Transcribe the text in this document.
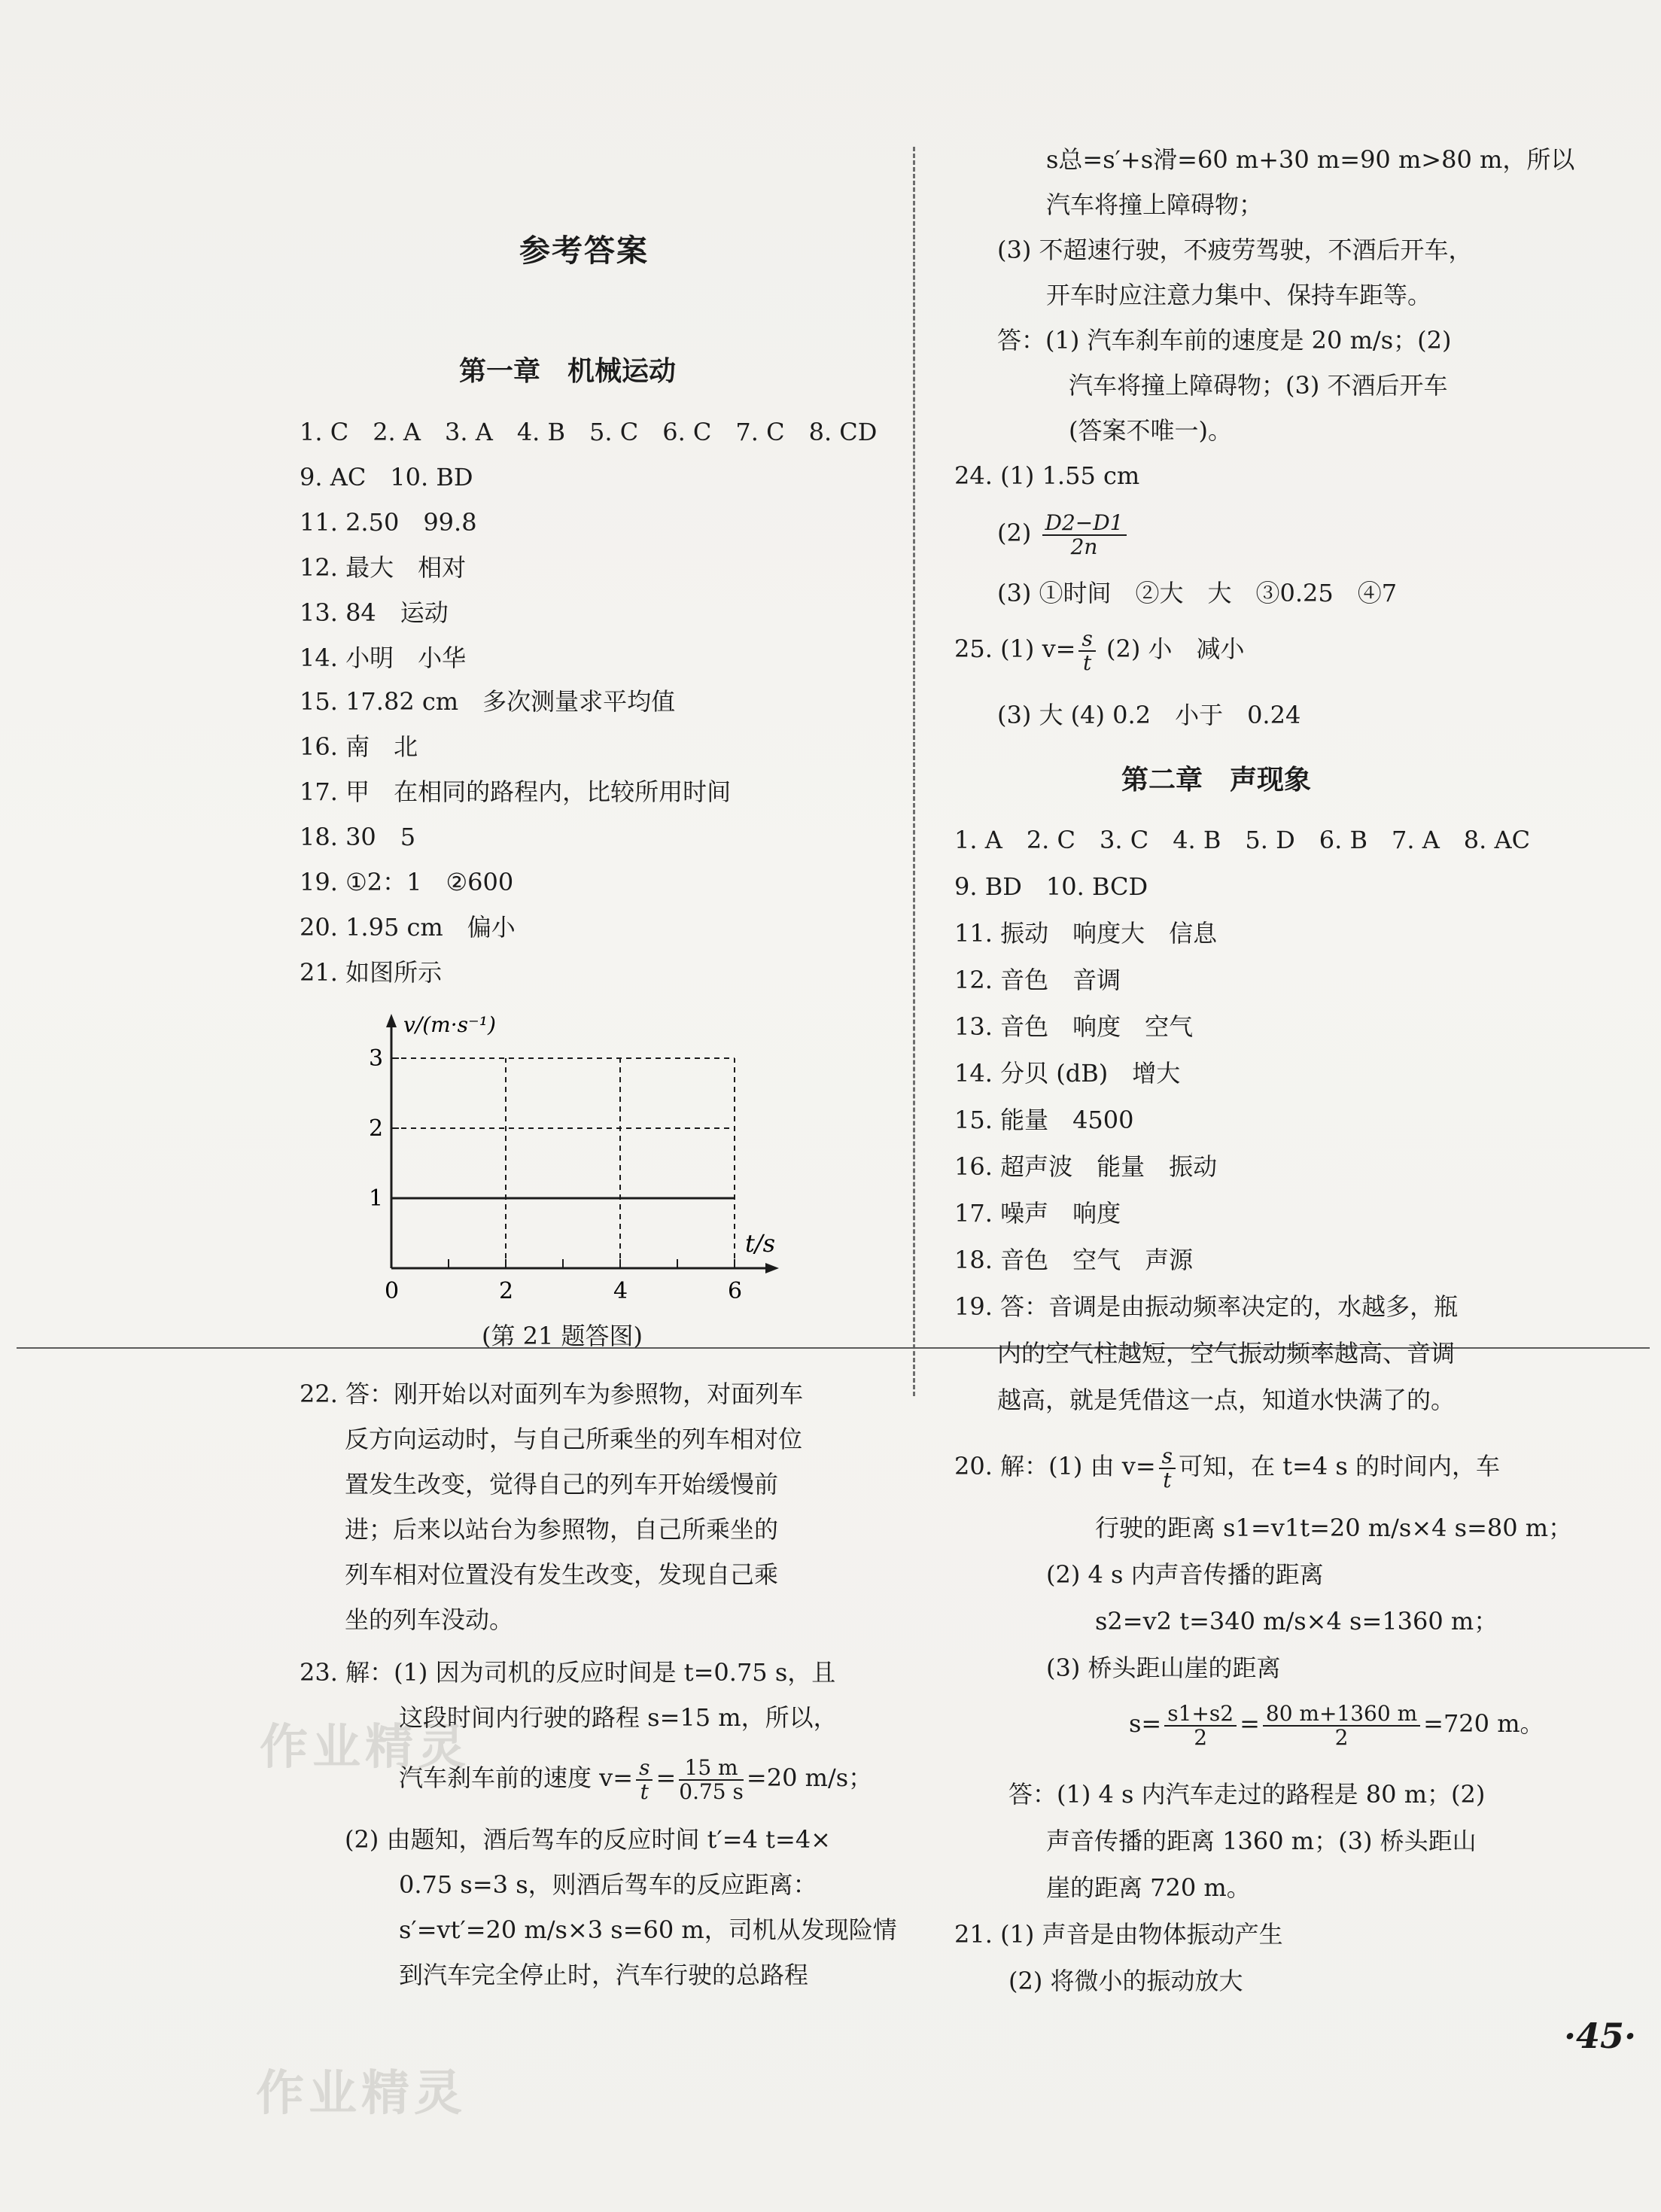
作业精灵
作业精灵
参考答案
第一章　机械运动
1. C　2. A　3. A　4. B　5. C　6. C　7. C　8. CD
9. AC　10. BD
11. 2.50　99.8
12. 最大　相对
13. 84　运动
14. 小明　小华
15. 17.82 cm　多次测量求平均值
16. 南　北
17. 甲　在相同的路程内，比较所用时间
18. 30　5
19. ①2：1　②600
20. 1.95 cm　偏小
21. 如图所示
v/(m·s⁻¹)
t/s
0	2	4	6
1
2
3
(第 21 题答图)
22. 答：刚开始以对面列车为参照物，对面列车
反方向运动时，与自己所乘坐的列车相对位
置发生改变，觉得自己的列车开始缓慢前
进；后来以站台为参照物，自己所乘坐的
列车相对位置没有发生改变，发现自己乘
坐的列车没动。
23. 解：(1) 因为司机的反应时间是 t=0.75 s，且
这段时间内行驶的路程 s=15 m，所以，
汽车刹车前的速度 $v= \frac{s}{t} = \frac{15 m}{0.75 s} =20$ m/s；
(2) 由题知，酒后驾车的反应时间 t′=4 t=4×
0.75 s=3 s，则酒后驾车的反应距离：
s′=vt′=20 m/s×3 s=60 m，司机从发现险情
到汽车完全停止时，汽车行驶的总路程
s总=s′+s滑=60 m+30 m=90 m>80 m，所以
汽车将撞上障碍物；
(3) 不超速行驶，不疲劳驾驶，不酒后开车，
开车时应注意力集中、保持车距等。
答：(1) 汽车刹车前的速度是 20 m/s；(2)
汽车将撞上障碍物；(3) 不酒后开车
(答案不唯一)。
24. (1) 1.55 cm
$(2) \frac{D2-D1}{2n}$
(3) ①时间　②大　大　③0.25　④7
25. (1) $v= \frac{s}{t} (2)$ 小　减小
(3) 大 (4) 0.2　小于　0.24
第二章　声现象
1. A　2. C　3. C　4. B　5. D　6. B　7. A　8. AC
9. BD　10. BCD
11. 振动　响度大　信息
12. 音色　音调
13. 音色　响度　空气
14. 分贝 (dB)　增大
15. 能量　4500
16. 超声波　能量　振动
17. 噪声　响度
18. 音色　空气　声源
19. 答：音调是由振动频率决定的，水越多，瓶
内的空气柱越短，空气振动频率越高、音调
越高，就是凭借这一点，知道水快满了的。
20. 解：(1) 由 $v= \frac{s}{t}$ 可知，在 t=4 s 的时间内，车
行驶的距离 s1=v1t=20 m/s×4 s=80 m；
(2) 4 s 内声音传播的距离
s2=v2 t=340 m/s×4 s=1360 m；
(3) 桥头距山崖的距离
$s= \frac{s1+s2}{2} = \frac{80 m+1360 m}{2} =720$ m。
答：(1) 4 s 内汽车走过的路程是 80 m；(2)
声音传播的距离 1360 m；(3) 桥头距山
崖的距离 720 m。
21. (1) 声音是由物体振动产生
(2) 将微小的振动放大
·45·
